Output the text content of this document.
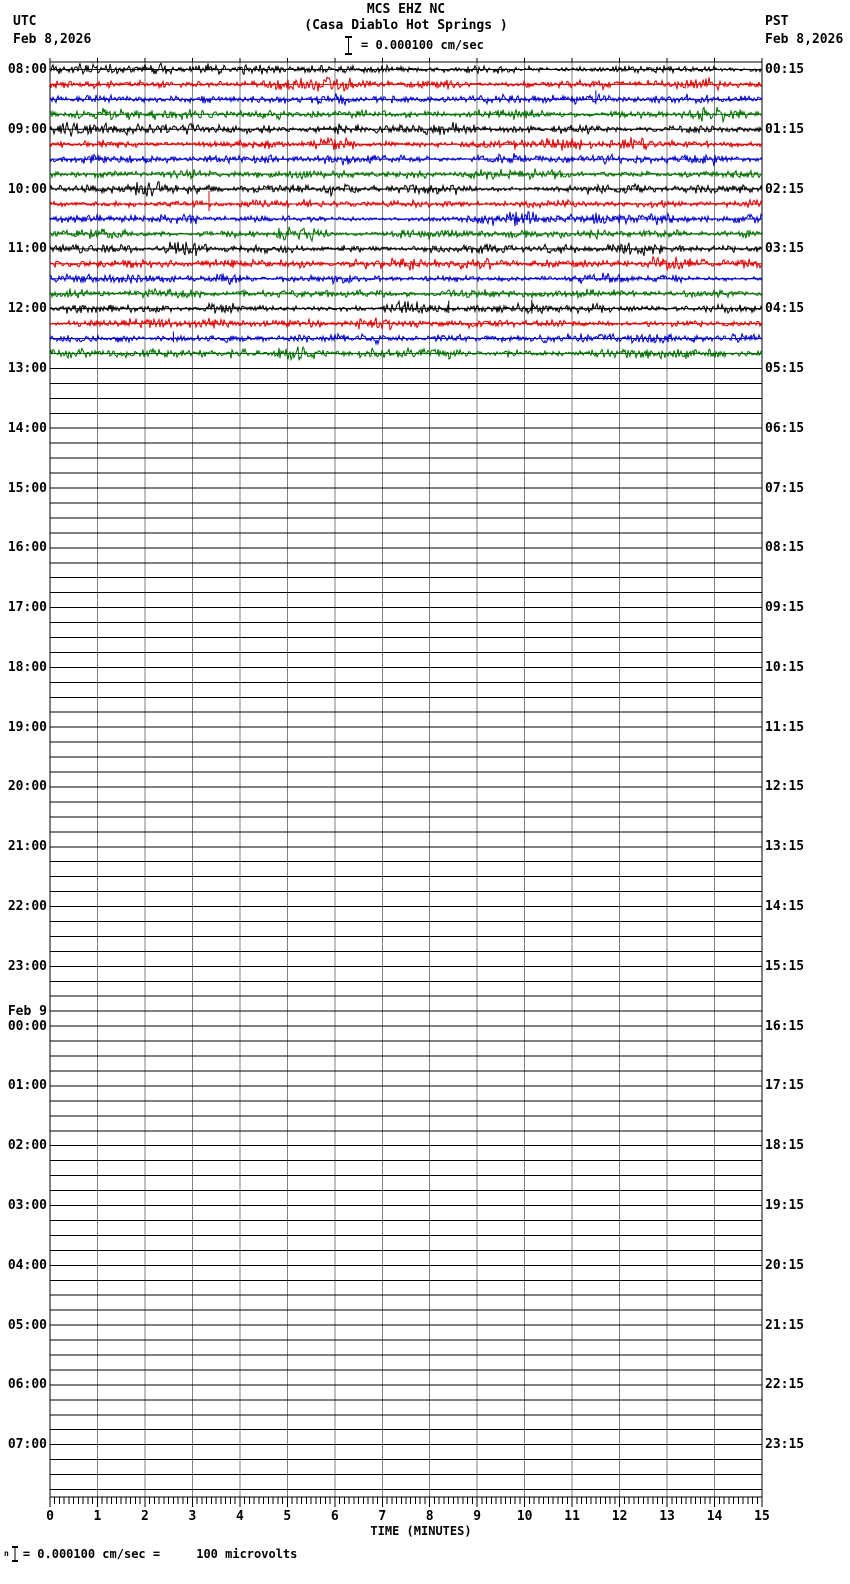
MCS EHZ NC
(Casa Diablo Hot Springs )
= 0.000100 cm/sec
UTC
Feb 8,2026
PST
Feb 8,2026
08:00
09:00
10:00
11:00
12:00
13:00
14:00
15:00
16:00
17:00
18:00
19:00
20:00
21:00
22:00
23:00
Feb 9
00:00
01:00
02:00
03:00
04:00
05:00
06:00
07:00
00:15
01:15
02:15
03:15
04:15
05:15
06:15
07:15
08:15
09:15
10:15
11:15
12:15
13:15
14:15
15:15
16:15
17:15
18:15
19:15
20:15
21:15
22:15
23:15
0	1	2	3	4	5	6	7	8	9	10	11	12	13	14	15
TIME (MINUTES)
n = 0.000100 cm/sec =     100 microvolts
